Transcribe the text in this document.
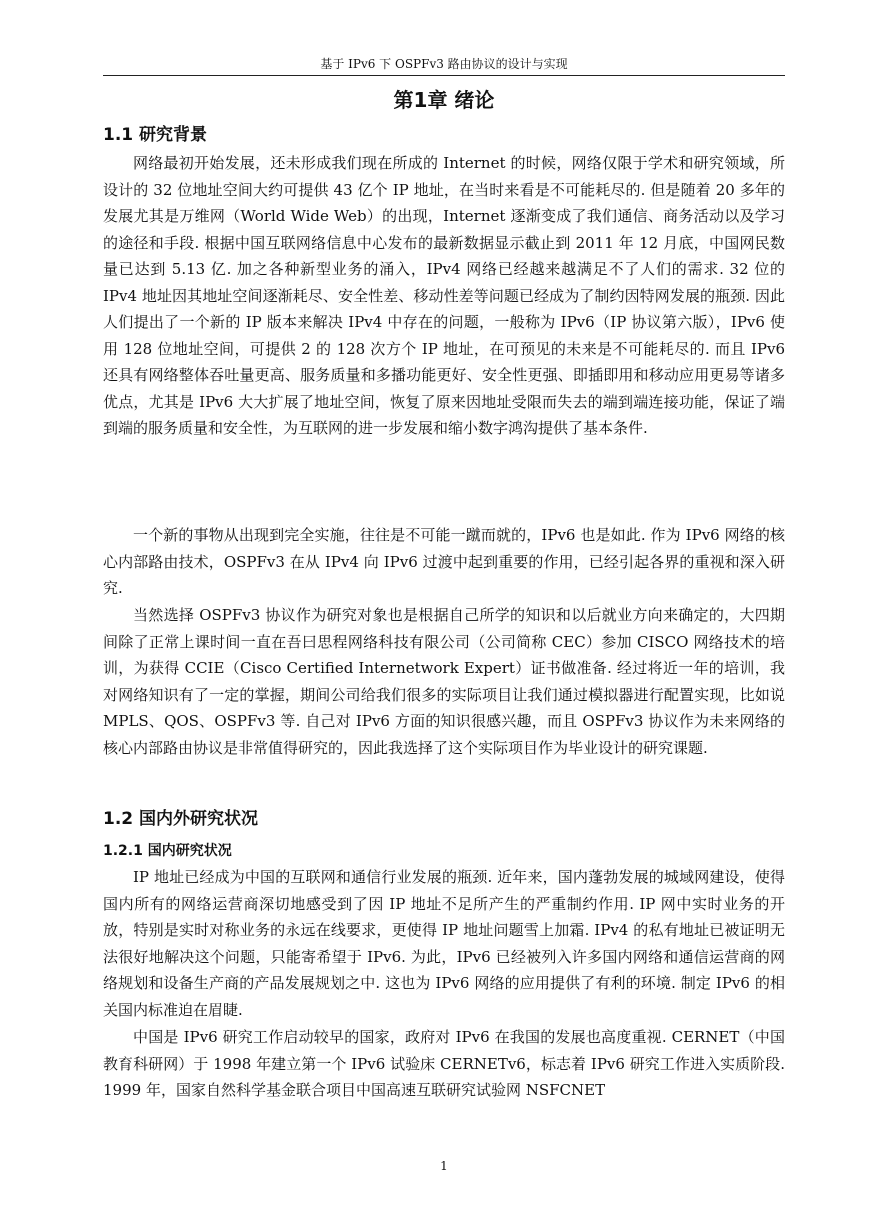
基于 IPv6 下 OSPFv3 路由协议的设计与实现
第1章 绪论
1.1 研究背景

网络最初开始发展，还未形成我们现在所成的 Internet 的时候，网络仅限于学术和研究领域，所设计的 32 位地址空间大约可提供 43 亿个 IP 地址，在当时来看是不可能耗尽的. 但是随着 20 多年的发展尤其是万维网（World Wide Web）的出现，Internet 逐渐变成了我们通信、商务活动以及学习的途径和手段. 根据中国互联网络信息中心发布的最新数据显示截止到 2011 年 12 月底，中国网民数量已达到 5.13 亿. 加之各种新型业务的涌入，IPv4 网络已经越来越满足不了人们的需求. 32 位的 IPv4 地址因其地址空间逐渐耗尽、安全性差、移动性差等问题已经成为了制约因特网发展的瓶颈. 因此人们提出了一个新的 IP 版本来解决 IPv4 中存在的问题，一般称为 IPv6（IP 协议第六版），IPv6 使用 128 位地址空间，可提供 2 的 128 次方个 IP 地址，在可预见的未来是不可能耗尽的. 而且 IPv6 还具有网络整体吞吐量更高、服务质量和多播功能更好、安全性更强、即插即用和移动应用更易等诸多优点，尤其是 IPv6 大大扩展了地址空间，恢复了原来因地址受限而失去的端到端连接功能，保证了端到端的服务质量和安全性，为互联网的进一步发展和缩小数字鸿沟提供了基本条件.

一个新的事物从出现到完全实施，往往是不可能一蹴而就的，IPv6 也是如此. 作为 IPv6 网络的核心内部路由技术，OSPFv3 在从 IPv4 向 IPv6 过渡中起到重要的作用，已经引起各界的重视和深入研究.

当然选择 OSPFv3 协议作为研究对象也是根据自己所学的知识和以后就业方向来确定的，大四期间除了正常上课时间一直在吾曰思程网络科技有限公司（公司简称 CEC）参加 CISCO 网络技术的培训，为获得 CCIE（Cisco Certified Internetwork Expert）证书做准备. 经过将近一年的培训，我对网络知识有了一定的掌握，期间公司给我们很多的实际项目让我们通过模拟器进行配置实现，比如说 MPLS、QOS、OSPFv3 等. 自己对 IPv6 方面的知识很感兴趣，而且 OSPFv3 协议作为未来网络的核心内部路由协议是非常值得研究的，因此我选择了这个实际项目作为毕业设计的研究课题.

1.2 国内外研究状况
1.2.1 国内研究状况

IP 地址已经成为中国的互联网和通信行业发展的瓶颈. 近年来，国内蓬勃发展的城域网建设，使得国内所有的网络运营商深切地感受到了因 IP 地址不足所产生的严重制约作用. IP 网中实时业务的开放，特别是实时对称业务的永远在线要求，更使得 IP 地址问题雪上加霜. IPv4 的私有地址已被证明无法很好地解决这个问题，只能寄希望于 IPv6. 为此，IPv6 已经被列入许多国内网络和通信运营商的网络规划和设备生产商的产品发展规划之中. 这也为 IPv6 网络的应用提供了有利的环境. 制定 IPv6 的相关国内标准迫在眉睫.

中国是 IPv6 研究工作启动较早的国家，政府对 IPv6 在我国的发展也高度重视. CERNET（中国教育科研网）于 1998 年建立第一个 IPv6 试验床 CERNETv6，标志着 IPv6 研究工作进入实质阶段. 1999 年，国家自然科学基金联合项目中国高速互联研究试验网 NSFCNET

1
